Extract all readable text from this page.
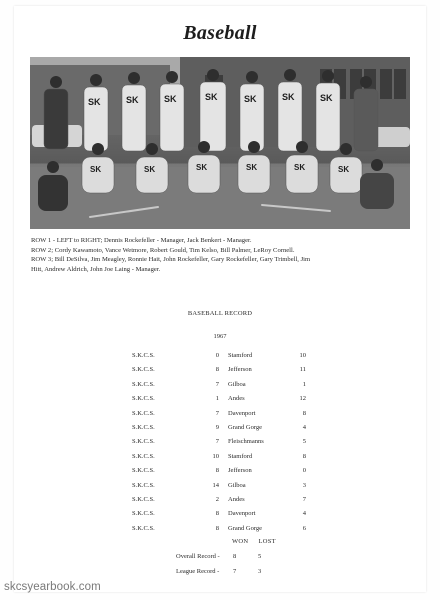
Baseball
SK	SK	SK	SK	SK	SK	SK
SK	SK	SK	SK	SK	SK
ROW 1 - LEFT to RIGHT; Dennis Rockefeller - Manager, Jack Benkert - Manager.
ROW 2; Cordy Kawamoto, Vance Wetmore, Robert Gould, Tim Kelso, Bill Palmer, LeRoy Cornell.
ROW 3; Bill DeSilva, Jim Meagley, Ronnie Hait, John Rockefeller, Gary Rockefeller, Gary Trimbell, Jim
Hitt, Andrew Aldrich, John Joe Laing - Manager.
BASEBALL RECORD
1967
S.K.C.S.	0 Stamford	10
S.K.C.S.	8 Jefferson	11
S.K.C.S.	7 Gilboa	1
S.K.C.S.	1 Andes	12
S.K.C.S.	7 Davenport	8
S.K.C.S.	9 Grand Gorge	4
S.K.C.S.	7 Fleischmanns	5
S.K.C.S.	10 Stamford	8
S.K.C.S.	8 Jefferson	0
S.K.C.S.	14 Gilboa	3
S.K.C.S.	2 Andes	7
S.K.C.S.	8 Davenport	4
S.K.C.S.	8 Grand Gorge	6
WON LOST
Overall Record - 8	5
League Record - 7	3
skcsyearbook.com
